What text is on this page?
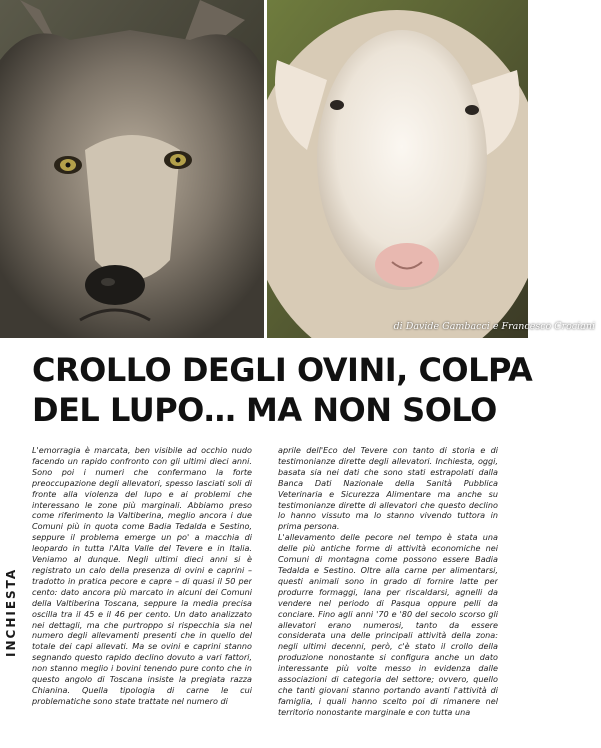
di Davide Gambacci e Francesco Crociani
CROLLO DEGLI OVINI, COLPA
DEL LUPO… MA NON SOLO
INCHIESTA

L'emorragia è marcata, ben visibile ad occhio nudo facendo un rapido confronto con gli ultimi dieci anni. Sono poi i numeri che confermano la forte preoccupazione degli allevatori, spesso lasciati soli di fronte alla violenza del lupo e ai problemi che interessano le zone più marginali. Abbiamo preso come riferimento la Valtiberina, meglio ancora i due Comuni più in quota come Badia Tedalda e Sestino, seppure il problema emerge un po' a macchia di leopardo in tutta l'Alta Valle del Tevere e in Italia. Veniamo al dunque. Negli ultimi dieci anni si è registrato un calo della presenza di ovini e caprini – tradotto in pratica pecore e capre – di quasi il 50 per cento: dato ancora più marcato in alcuni dei Comuni della Valtiberina Toscana, seppure la media precisa oscilla tra il 45 e il 46 per cento. Un dato analizzato nei dettagli, ma che purtroppo si rispecchia sia nel numero degli allevamenti presenti che in quello del totale dei capi allevati. Ma se ovini e caprini stanno segnando questo rapido declino dovuto a vari fattori, non stanno meglio i bovini tenendo pure conto che in questo angolo di Toscana insiste la pregiata razza Chianina. Quella tipologia di carne le cui problematiche sono state trattate nel numero di

aprile dell'Eco del Tevere con tanto di storia e di testimonianze dirette degli allevatori. Inchiesta, oggi, basata sia nei dati che sono stati estrapolati dalla Banca Dati Nazionale della Sanità Pubblica Veterinaria e Sicurezza Alimentare ma anche su testimonianze dirette di allevatori che questo declino lo hanno vissuto ma lo stanno vivendo tuttora in prima persona.

L'allevamento delle pecore nel tempo è stata una delle più antiche forme di attività economiche nei Comuni di montagna come possono essere Badia Tedalda e Sestino. Oltre alla carne per alimentarsi, questi animali sono in grado di fornire latte per produrre formaggi, lana per riscaldarsi, agnelli da vendere nel periodo di Pasqua oppure pelli da conciare. Fino agli anni '70 e '80 del secolo scorso gli allevatori erano numerosi, tanto da essere considerata una delle principali attività della zona: negli ultimi decenni, però, c'è stato il crollo della produzione nonostante si configura anche un dato interessante più volte messo in evidenza dalle associazioni di categoria del settore; ovvero, quello che tanti giovani stanno portando avanti l'attività di famiglia, i quali hanno scelto poi di rimanere nel territorio nonostante marginale e con tutta una
